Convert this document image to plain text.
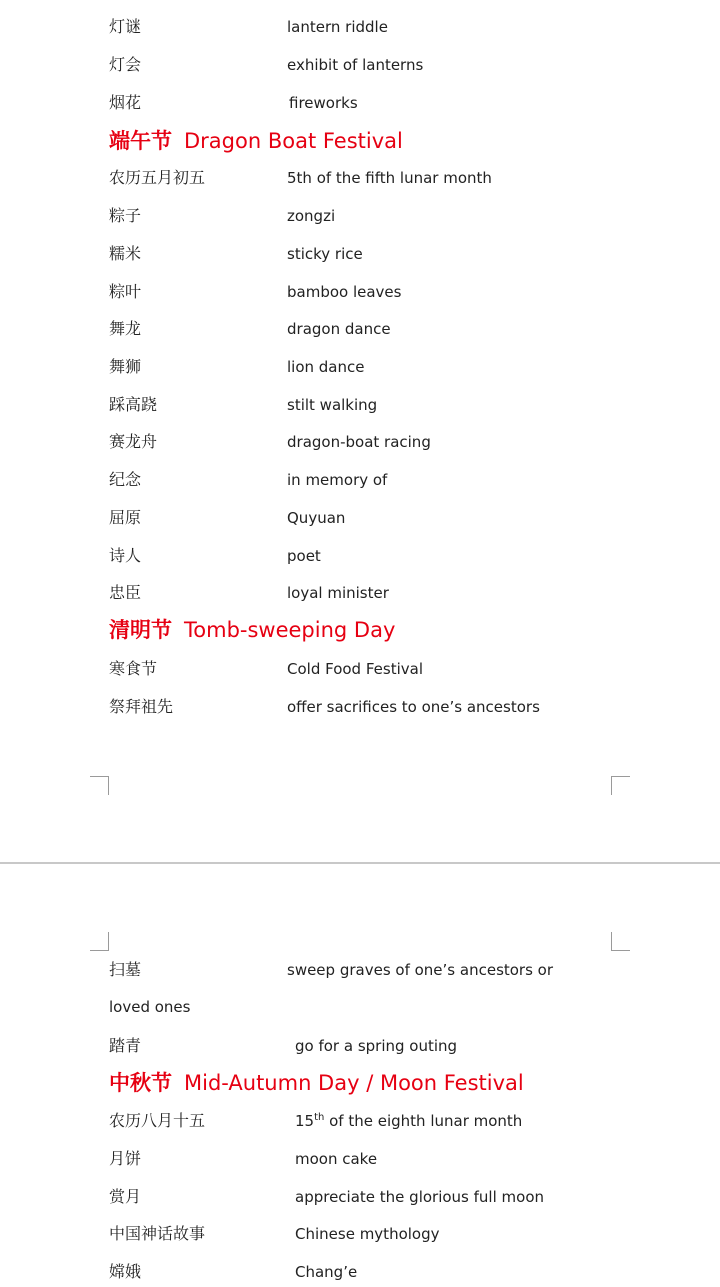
灯谜	lantern riddle
灯会	exhibit of lanterns
烟花	fireworks
端午节 Dragon Boat Festival
农历五月初五	5th of the fifth lunar month
粽子	zongzi
糯米	sticky rice
粽叶	bamboo leaves
舞龙	dragon dance
舞狮	lion dance
踩高跷	stilt walking
赛龙舟	dragon-boat racing
纪念	in memory of
屈原	Quyuan
诗人	poet
忠臣	loyal minister
清明节 Tomb-sweeping Day
寒食节	Cold Food Festival
祭拜祖先	offer sacrifices to one’s ancestors
扫墓	sweep graves of one’s ancestors or
loved ones
踏青	go for a spring outing
中秋节 Mid-Autumn Day / Moon Festival
农历八月十五	15th of the eighth lunar month
月饼	moon cake
赏月	appreciate the glorious full moon
中国神话故事	Chinese mythology
嫦娥	Chang’e
